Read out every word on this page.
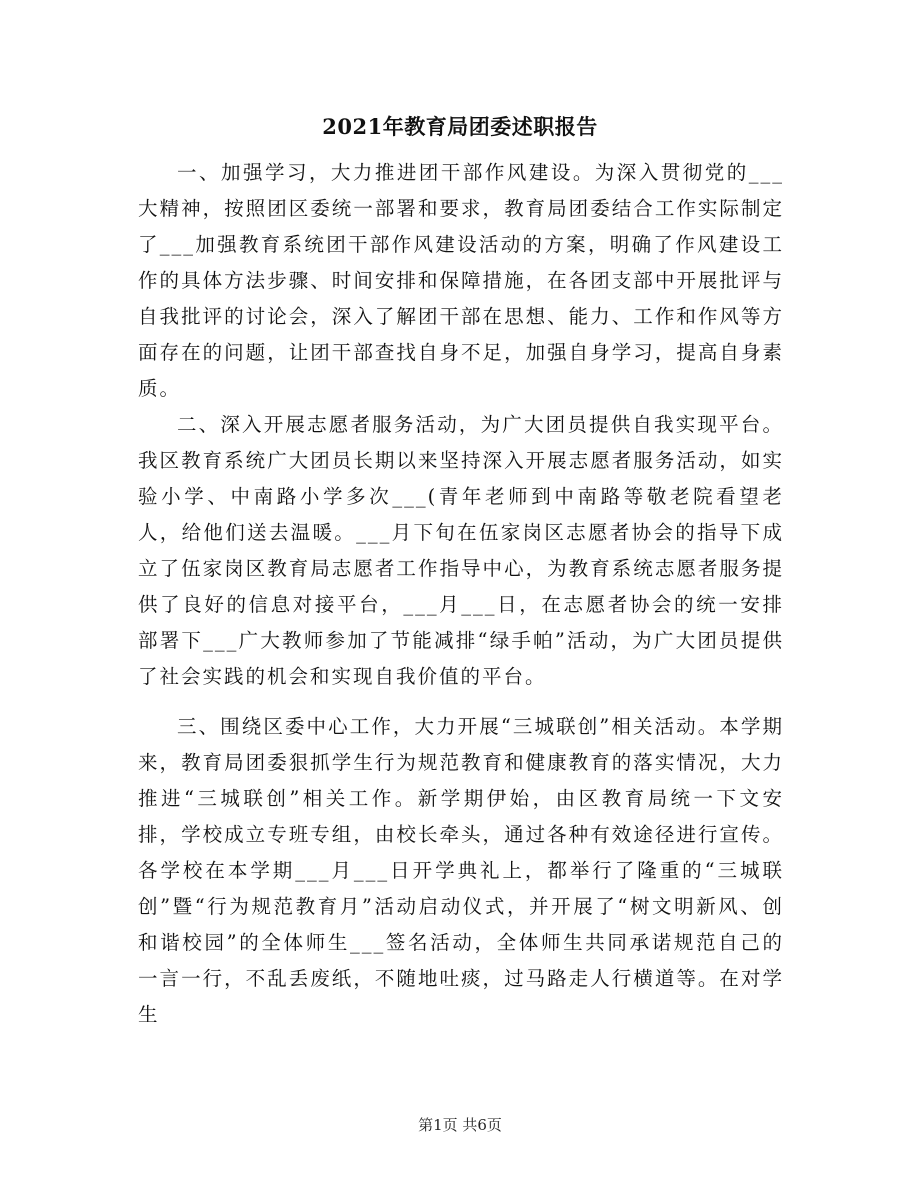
2021年教育局团委述职报告

一、加强学习，大力推进团干部作风建设。为深入贯彻党的___大精神，按照团区委统一部署和要求，教育局团委结合工作实际制定了___加强教育系统团干部作风建设活动的方案，明确了作风建设工作的具体方法步骤、时间安排和保障措施，在各团支部中开展批评与自我批评的讨论会，深入了解团干部在思想、能力、工作和作风等方面存在的问题，让团干部查找自身不足，加强自身学习，提高自身素质。

二、深入开展志愿者服务活动，为广大团员提供自我实现平台。我区教育系统广大团员长期以来坚持深入开展志愿者服务活动，如实验小学、中南路小学多次___(青年老师到中南路等敬老院看望老人，给他们送去温暖。___月下旬在伍家岗区志愿者协会的指导下成立了伍家岗区教育局志愿者工作指导中心，为教育系统志愿者服务提供了良好的信息对接平台，___月___日，在志愿者协会的统一安排部署下___广大教师参加了节能减排“绿手帕”活动，为广大团员提供了社会实践的机会和实现自我价值的平台。

三、围绕区委中心工作，大力开展“三城联创”相关活动。本学期来，教育局团委狠抓学生行为规范教育和健康教育的落实情况，大力推进“三城联创”相关工作。新学期伊始，由区教育局统一下文安排，学校成立专班专组，由校长牵头，通过各种有效途径进行宣传。各学校在本学期___月___日开学典礼上，都举行了隆重的“三城联创”暨“行为规范教育月”活动启动仪式，并开展了“树文明新风、创和谐校园”的全体师生___签名活动，全体师生共同承诺规范自己的一言一行，不乱丢废纸，不随地吐痰，过马路走人行横道等。在对学生

第1页 共6页
